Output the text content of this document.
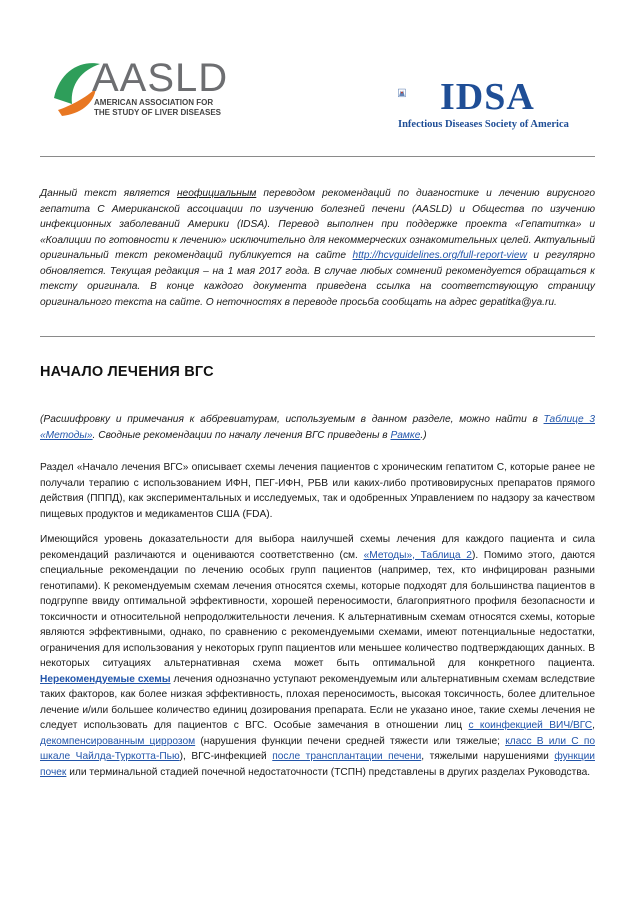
AASLD
AMERICAN ASSOCIATION FOR
THE STUDY OF LIVER DISEASES	IDSA
Infectious Diseases Society of America

Данный текст является неофициальным переводом рекомендаций по диагностике и лечению вирусного гепатита С Американской ассоциации по изучению болезней печени (AASLD) и Общества по изучению инфекционных заболеваний Америки (IDSA). Перевод выполнен при поддержке проекта «Гепатитка» и «Коалиции по готовности к лечению» исключительно для некоммерческих ознакомительных целей. Актуальный оригинальный текст рекомендаций публикуется на сайте http://hcvguidelines.org/full-report-view и регулярно обновляется. Текущая редакция – на 1 мая 2017 года. В случае любых сомнений рекомендуется обращаться к тексту оригинала. В конце каждого документа приведена ссылка на соответствующую страницу оригинального текста на сайте. О неточностях в переводе просьба сообщать на адрес gepatitka@ya.ru.

НАЧАЛО ЛЕЧЕНИЯ ВГС
(Расшифровку и примечания к аббревиатурам, используемым в данном разделе, можно найти в Таблице 3 «Методы». Сводные рекомендации по началу лечения ВГС приведены в Рамке.)

Раздел «Начало лечения ВГС» описывает схемы лечения пациентов с хроническим гепатитом С, которые ранее не получали терапию с использованием ИФН, ПЕГ-ИФН, РБВ или каких-либо противовирусных препаратов прямого действия (ПППД), как экспериментальных и исследуемых, так и одобренных Управлением по надзору за качеством пищевых продуктов и медикаментов США (FDA).

Имеющийся уровень доказательности для выбора наилучшей схемы лечения для каждого пациента и сила рекомендаций различаются и оцениваются соответственно (см. «Методы», Таблица 2). Помимо этого, даются специальные рекомендации по лечению особых групп пациентов (например, тех, кто инфицирован разными генотипами). К рекомендуемым схемам лечения относятся схемы, которые подходят для большинства пациентов в подгруппе ввиду оптимальной эффективности, хорошей переносимости, благоприятного профиля безопасности и токсичности и относительной непродолжительности лечения. К альтернативным схемам относятся схемы, которые являются эффективными, однако, по сравнению с рекомендуемыми схемами, имеют потенциальные недостатки, ограничения для использования у некоторых групп пациентов или меньшее количество подтверждающих данных. В некоторых ситуациях альтернативная схема может быть оптимальной для конкретного пациента. Нерекомендуемые схемы лечения однозначно уступают рекомендуемым или альтернативным схемам вследствие таких факторов, как более низкая эффективность, плохая переносимость, высокая токсичность, более длительное лечение и/или большее количество единиц дозирования препарата. Если не указано иное, такие схемы лечения не следует использовать для пациентов с ВГС. Особые замечания в отношении лиц с коинфекцией ВИЧ/ВГС, декомпенсированным циррозом (нарушения функции печени средней тяжести или тяжелые; класс В или С по шкале Чайлда-Туркотта-Пью), ВГС-инфекцией после трансплантации печени, тяжелыми нарушениями функции почек или терминальной стадией почечной недостаточности (ТСПН) представлены в других разделах Руководства.
